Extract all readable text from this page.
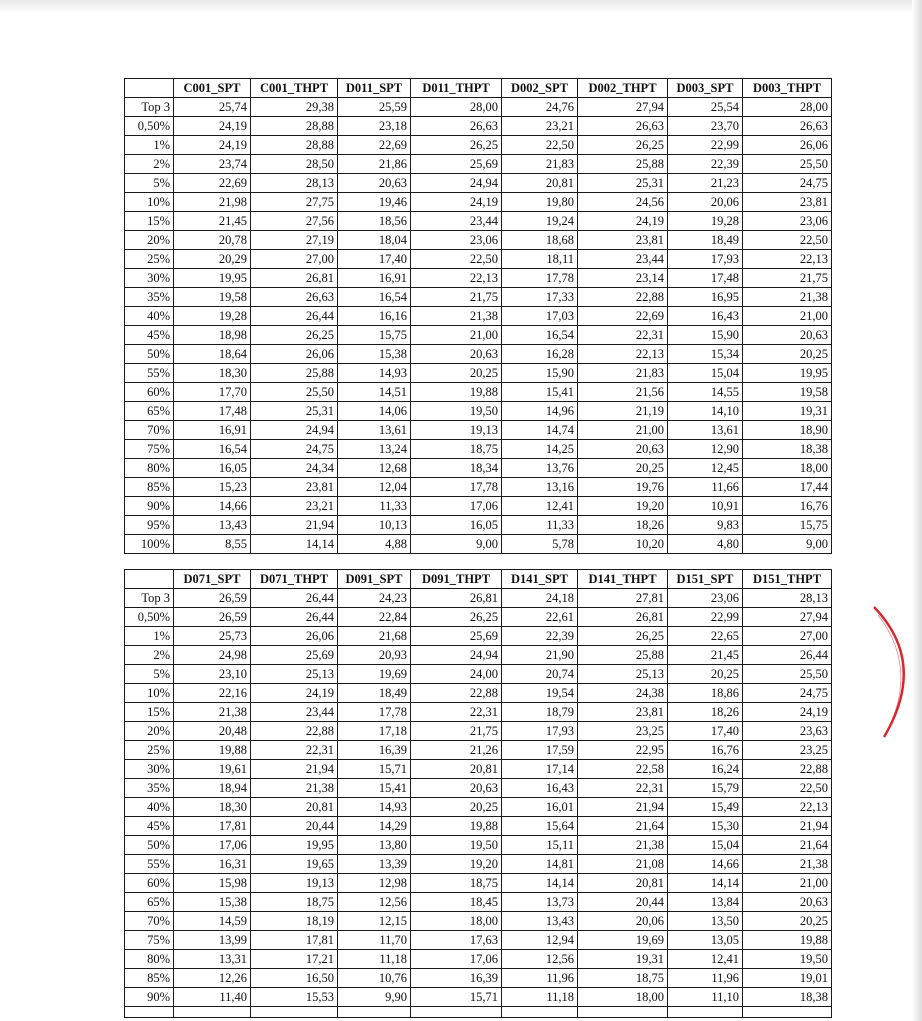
	C001_SPT	C001_THPT	D011_SPT	D011_THPT	D002_SPT	D002_THPT	D003_SPT	D003_THPT
Top 3	25,74	29,38	25,59	28,00	24,76	27,94	25,54	28,00
0,50%	24,19	28,88	23,18	26,63	23,21	26,63	23,70	26,63
1%	24,19	28,88	22,69	26,25	22,50	26,25	22,99	26,06
2%	23,74	28,50	21,86	25,69	21,83	25,88	22,39	25,50
5%	22,69	28,13	20,63	24,94	20,81	25,31	21,23	24,75
10%	21,98	27,75	19,46	24,19	19,80	24,56	20,06	23,81
15%	21,45	27,56	18,56	23,44	19,24	24,19	19,28	23,06
20%	20,78	27,19	18,04	23,06	18,68	23,81	18,49	22,50
25%	20,29	27,00	17,40	22,50	18,11	23,44	17,93	22,13
30%	19,95	26,81	16,91	22,13	17,78	23,14	17,48	21,75
35%	19,58	26,63	16,54	21,75	17,33	22,88	16,95	21,38
40%	19,28	26,44	16,16	21,38	17,03	22,69	16,43	21,00
45%	18,98	26,25	15,75	21,00	16,54	22,31	15,90	20,63
50%	18,64	26,06	15,38	20,63	16,28	22,13	15,34	20,25
55%	18,30	25,88	14,93	20,25	15,90	21,83	15,04	19,95
60%	17,70	25,50	14,51	19,88	15,41	21,56	14,55	19,58
65%	17,48	25,31	14,06	19,50	14,96	21,19	14,10	19,31
70%	16,91	24,94	13,61	19,13	14,74	21,00	13,61	18,90
75%	16,54	24,75	13,24	18,75	14,25	20,63	12,90	18,38
80%	16,05	24,34	12,68	18,34	13,76	20,25	12,45	18,00
85%	15,23	23,81	12,04	17,78	13,16	19,76	11,66	17,44
90%	14,66	23,21	11,33	17,06	12,41	19,20	10,91	16,76
95%	13,43	21,94	10,13	16,05	11,33	18,26	9,83	15,75
100%	8,55	14,14	4,88	9,00	5,78	10,20	4,80	9,00
	D071_SPT	D071_THPT	D091_SPT	D091_THPT	D141_SPT	D141_THPT	D151_SPT	D151_THPT
Top 3	26,59	26,44	24,23	26,81	24,18	27,81	23,06	28,13
0,50%	26,59	26,44	22,84	26,25	22,61	26,81	22,99	27,94
1%	25,73	26,06	21,68	25,69	22,39	26,25	22,65	27,00
2%	24,98	25,69	20,93	24,94	21,90	25,88	21,45	26,44
5%	23,10	25,13	19,69	24,00	20,74	25,13	20,25	25,50
10%	22,16	24,19	18,49	22,88	19,54	24,38	18,86	24,75
15%	21,38	23,44	17,78	22,31	18,79	23,81	18,26	24,19
20%	20,48	22,88	17,18	21,75	17,93	23,25	17,40	23,63
25%	19,88	22,31	16,39	21,26	17,59	22,95	16,76	23,25
30%	19,61	21,94	15,71	20,81	17,14	22,58	16,24	22,88
35%	18,94	21,38	15,41	20,63	16,43	22,31	15,79	22,50
40%	18,30	20,81	14,93	20,25	16,01	21,94	15,49	22,13
45%	17,81	20,44	14,29	19,88	15,64	21,64	15,30	21,94
50%	17,06	19,95	13,80	19,50	15,11	21,38	15,04	21,64
55%	16,31	19,65	13,39	19,20	14,81	21,08	14,66	21,38
60%	15,98	19,13	12,98	18,75	14,14	20,81	14,14	21,00
65%	15,38	18,75	12,56	18,45	13,73	20,44	13,84	20,63
70%	14,59	18,19	12,15	18,00	13,43	20,06	13,50	20,25
75%	13,99	17,81	11,70	17,63	12,94	19,69	13,05	19,88
80%	13,31	17,21	11,18	17,06	12,56	19,31	12,41	19,50
85%	12,26	16,50	10,76	16,39	11,96	18,75	11,96	19,01
90%	11,40	15,53	9,90	15,71	11,18	18,00	11,10	18,38
